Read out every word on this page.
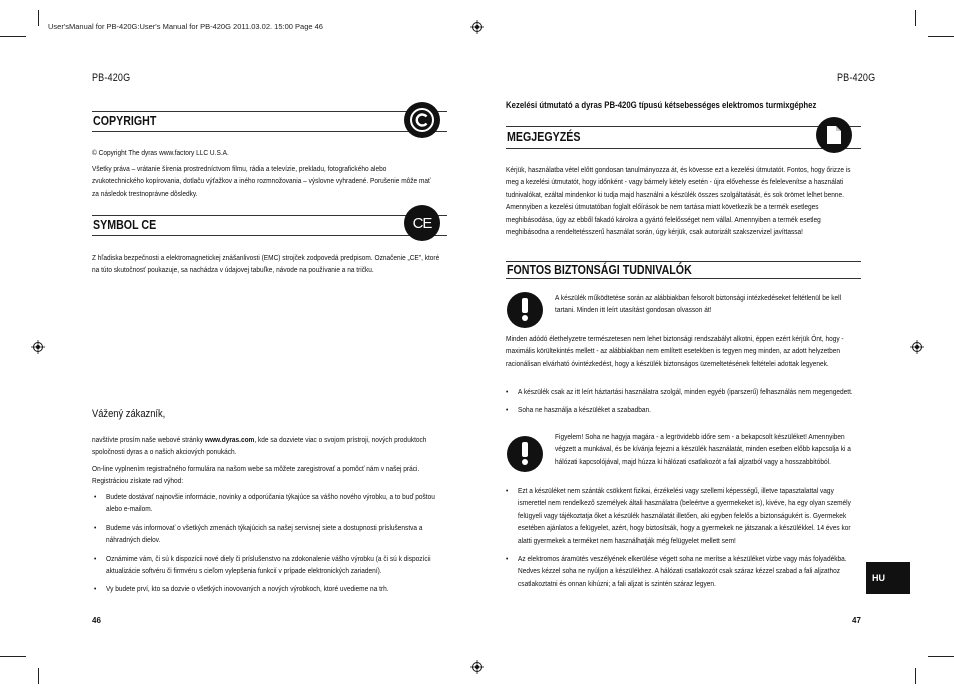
User'sManual for PB-420G:User's Manual for PB-420G 2011.03.02. 15:00 Page 46
PB-420G
COPYRIGHT
© Copyright The dyras www.factory LLC U.S.A.
Všetky práva – vrátanie šírenia prostredníctvom filmu, rádia a televízie, prekladu, fotografického alebo zvukotechnického kopírovania, dotlaču výťažkov a iného rozmnožovania – výslovne vyhradené. Porušenie môže mať za následok trestnoprávne dôsledky.
SYMBOL CE	CE
Z hľadiska bezpečnosti a elektromagnetickej znášanlivosti (EMC) strojček zodpovedá predpisom. Označenie „CE", ktoré na túto skutočnosť poukazuje, sa nachádza v údajovej tabuľke, návode na používanie a na tričku.
Vážený zákazník,
navštívte prosím naše webové stránky www.dyras.com, kde sa dozviete viac o svojom prístroji, nových produktoch spoločnosti dyras a o našich akciových ponukách.
On-line vyplnením registračného formulára na našom webe sa môžete zaregistrovať a pomôcť nám v našej práci. Registráciou získate rad výhod:
• Budete dostávať najnovšie informácie, novinky a odporúčania týkajúce sa vášho nového výrobku, a to buď poštou alebo e-mailom.
• Budeme vás informovať o všetkých zmenách týkajúcich sa našej servisnej siete a dostupnosti príslušenstva a náhradných dielov.
• Oznámime vám, či sú k dispozícii nové diely či príslušenstvo na zdokonalenie vášho výrobku (a či sú k dispozícii aktualizácie softvéru či firmvéru s cieľom vylepšenia funkcií v prípade elektronických zariadení).
• Vy budete prví, kto sa dozvie o všetkých inovovaných a nových výrobkoch, ktoré uvedieme na trh.
46
PB-420G
Kezelési útmutató a dyras PB-420G típusú kétsebességes elektromos turmixgéphez
MEGJEGYZÉS
Kérjük, használatba vétel előtt gondosan tanulmányozza át, és kövesse ezt a kezelési útmutatót. Fontos, hogy őrizze is meg a kezelési útmutatót, hogy időnként - vagy bármely kétely esetén - újra elővehesse és felelevenítse a használati tudnivalókat, ezáltal mindenkor ki tudja majd használni a készülék összes szolgáltatását, és sok örömet lelhet benne. Amennyiben a kezelési útmutatóban foglalt előírások be nem tartása miatt következik be a termék esetleges meghibásodása, úgy az ebből fakadó károkra a gyártó felelősséget nem vállal. Amennyiben a termék esetleg meghibásodna a rendeltetésszerű használat során, úgy kérjük, csak autorizált szakszervizel javíttassa!
FONTOS BIZTONSÁGI TUDNIVALÓK
A készülék működtetése során az alábbiakban felsorolt biztonsági intézkedéseket feltétlenül be kell tartani. Minden itt leírt utasítást gondosan olvasson át!
Minden adódó élethelyzetre természetesen nem lehet biztonsági rendszabályt alkotni, éppen ezért kérjük Önt, hogy - maximális körültekintés mellett - az alábbiakban nem említett esetekben is tegyen meg minden, az adott helyzetben racionálisan elvárható óvintézkedést, hogy a készülék biztonságos üzemeltetésének feltételei adottak legyenek.
• A készülék csak az itt leírt háztartási használatra szolgál, minden egyéb (iparszerű) felhasználás nem megengedett.
• Soha ne használja a készüléket a szabadban.
Figyelem! Soha ne hagyja magára - a legrövidebb időre sem - a bekapcsolt készüléket! Amennyiben végzett a munkával, és be kívánja fejezni a készülék használatát, minden esetben előbb kapcsolja ki a hálózati kapcsolójával, majd húzza ki hálózati csatlakozót a fali aljzatból vagy a hosszabbítóból.
• Ezt a készüléket nem szánták csökkent fizikai, érzékelési vagy szellemi képességű, illetve tapasztalattal vagy ismerettel nem rendelkező személyek általi használatra (beleértve a gyermekeket is), kivéve, ha egy olyan személy felügyeli vagy tájékoztatja őket a készülék használatát illetően, aki egyben felelős a biztonságukért is. Gyermekek esetében ajánlatos a felügyelet, azért, hogy biztosítsák, hogy a gyermekek ne játszanak a készülékkel. 14 éves kor alatti gyermekek a terméket nem használhatják még felügyelet mellett sem!
• Az elektromos áramütés veszélyének elkerülése végett soha ne merítse a készüléket vízbe vagy más folyadékba. Nedves kézzel soha ne nyúljon a készülékhez. A hálózati csatlakozót csak száraz kézzel szabad a fali aljzathoz csatlakoztatni és onnan kihúzni; a fali aljzat is szintén száraz legyen.
HU
47
